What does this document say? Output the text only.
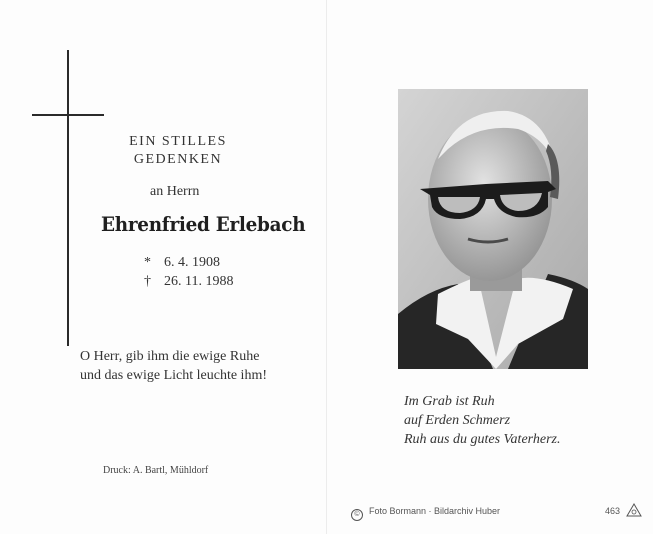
EIN STILLES
GEDENKEN
an Herrn
Ehrenfried Erlebach
* 6. 4. 1908
† 26. 11. 1988
O Herr, gib ihm die ewige Ruhe
und das ewige Licht leuchte ihm!
Druck: A. Bartl, Mühldorf
Im Grab ist Ruh
auf Erden Schmerz
Ruh aus du gutes Vaterherz.
© Foto Bormann · Bildarchiv Huber	463
